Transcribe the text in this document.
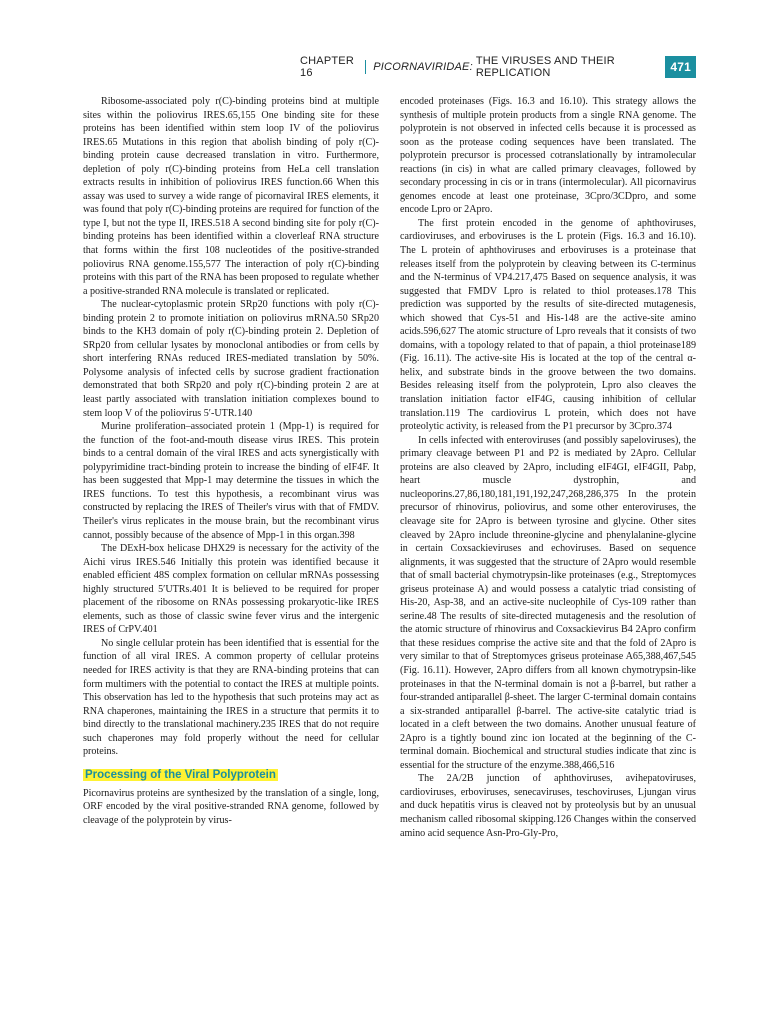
CHAPTER 16	PICORNAVIRIDAE: THE VIRUSES AND THEIR REPLICATION	471

Ribosome-associated poly r(C)-binding proteins bind at multiple sites within the poliovirus IRES.65,155 One binding site for these proteins has been identified within stem loop IV of the poliovirus IRES.65 Mutations in this region that abolish binding of poly r(C)-binding protein cause decreased translation in vitro. Furthermore, depletion of poly r(C)-binding proteins from HeLa cell translation extracts results in inhibition of poliovirus IRES function.66 When this assay was used to survey a wide range of picornaviral IRES elements, it was found that poly r(C)-binding proteins are required for function of the type I, but not the type II, IRES.518 A second binding site for poly r(C)-binding proteins has been identified within a cloverleaf RNA structure that forms within the first 108 nucleotides of the positive-stranded poliovirus RNA genome.155,577 The interaction of poly r(C)-binding proteins with this part of the RNA has been proposed to regulate whether a positive-stranded RNA molecule is translated or replicated.

The nuclear-cytoplasmic protein SRp20 functions with poly r(C)-binding protein 2 to promote initiation on poliovirus mRNA.50 SRp20 binds to the KH3 domain of poly r(C)-binding protein 2. Depletion of SRp20 from cellular lysates by monoclonal antibodies or from cells by short interfering RNAs reduced IRES-mediated translation by 50%. Polysome analysis of infected cells by sucrose gradient fractionation demonstrated that both SRp20 and poly r(C)-binding protein 2 are at least partly associated with translation initiation complexes bound to stem loop V of the poliovirus 5′-UTR.140

Murine proliferation–associated protein 1 (Mpp-1) is required for the function of the foot-and-mouth disease virus IRES. This protein binds to a central domain of the viral IRES and acts synergistically with polypyrimidine tract-binding protein to increase the binding of eIF4F. It has been suggested that Mpp-1 may determine the tissues in which the IRES functions. To test this hypothesis, a recombinant virus was constructed by replacing the IRES of Theiler's virus with that of FMDV. Theiler's virus replicates in the mouse brain, but the recombinant virus cannot, possibly because of the absence of Mpp-1 in this organ.398

The DExH-box helicase DHX29 is necessary for the activity of the Aichi virus IRES.546 Initially this protein was identified because it enabled efficient 48S complex formation on cellular mRNAs possessing highly structured 5′UTRs.401 It is believed to be required for proper placement of the ribosome on RNAs possessing prokaryotic-like IRES elements, such as those of classic swine fever virus and the intergenic IRES of CrPV.401

No single cellular protein has been identified that is essential for the function of all viral IRES. A common property of cellular proteins needed for IRES activity is that they are RNA-binding proteins that can form multimers with the potential to contact the IRES at multiple points. This observation has led to the hypothesis that such proteins may act as RNA chaperones, maintaining the IRES in a structure that permits it to bind directly to the translational machinery.235 IRES that do not require such chaperones may fold properly without the need for cellular proteins.

Processing of the Viral Polyprotein

Picornavirus proteins are synthesized by the translation of a single, long, ORF encoded by the viral positive-stranded RNA genome, followed by cleavage of the polyprotein by virus-

encoded proteinases (Figs. 16.3 and 16.10). This strategy allows the synthesis of multiple protein products from a single RNA genome. The polyprotein is not observed in infected cells because it is processed as soon as the protease coding sequences have been translated. The polyprotein precursor is processed cotranslationally by intramolecular reactions (in cis) in what are called primary cleavages, followed by secondary processing in cis or in trans (intermolecular). All picornavirus genomes encode at least one proteinase, 3Cpro/3CDpro, and some encode Lpro or 2Apro.

The first protein encoded in the genome of aphthoviruses, cardioviruses, and erboviruses is the L protein (Figs. 16.3 and 16.10). The L protein of aphthoviruses and erboviruses is a proteinase that releases itself from the polyprotein by cleaving between its C-terminus and the N-terminus of VP4.217,475 Based on sequence analysis, it was suggested that FMDV Lpro is related to thiol proteases.178 This prediction was supported by the results of site-directed mutagenesis, which showed that Cys-51 and His-148 are the active-site amino acids.596,627 The atomic structure of Lpro reveals that it consists of two domains, with a topology related to that of papain, a thiol proteinase189 (Fig. 16.11). The active-site His is located at the top of the central α-helix, and substrate binds in the groove between the two domains. Besides releasing itself from the polyprotein, Lpro also cleaves the translation initiation factor eIF4G, causing inhibition of cellular translation.119 The cardiovirus L protein, which does not have proteolytic activity, is released from the P1 precursor by 3Cpro.374

In cells infected with enteroviruses (and possibly sapeloviruses), the primary cleavage between P1 and P2 is mediated by 2Apro. Cellular proteins are also cleaved by 2Apro, including eIF4GI, eIF4GII, Pabp, heart muscle dystrophin, and nucleoporins.27,86,180,181,191,192,247,268,286,375 In the protein precursor of rhinovirus, poliovirus, and some other enteroviruses, the cleavage site for 2Apro is between tyrosine and glycine. Other sites cleaved by 2Apro include threonine-glycine and phenylalanine-glycine in certain Coxsackieviruses and echoviruses. Based on sequence alignments, it was suggested that the structure of 2Apro would resemble that of small bacterial chymotrypsin-like proteinases (e.g., Streptomyces griseus proteinase A) and would possess a catalytic triad consisting of His-20, Asp-38, and an active-site nucleophile of Cys-109 rather than serine.48 The results of site-directed mutagenesis and the resolution of the atomic structure of rhinovirus and Coxsackievirus B4 2Apro confirm that these residues comprise the active site and that the fold of 2Apro is very similar to that of Streptomyces griseus proteinase A65,388,467,545 (Fig. 16.11). However, 2Apro differs from all known chymotrypsin-like proteinases in that the N-terminal domain is not a β-barrel, but rather a four-stranded antiparallel β-sheet. The larger C-terminal domain contains a six-stranded antiparallel β-barrel. The active-site catalytic triad is located in a cleft between the two domains. Another unusual feature of 2Apro is a tightly bound zinc ion located at the beginning of the C-terminal domain. Biochemical and structural studies indicate that zinc is essential for the structure of the enzyme.388,466,516

The 2A/2B junction of aphthoviruses, avihepatoviruses, cardioviruses, erboviruses, senecaviruses, teschoviruses, Ljungan virus and duck hepatitis virus is cleaved not by proteolysis but by an unusual mechanism called ribosomal skipping.126 Changes within the conserved amino acid sequence Asn-Pro-Gly-Pro,
